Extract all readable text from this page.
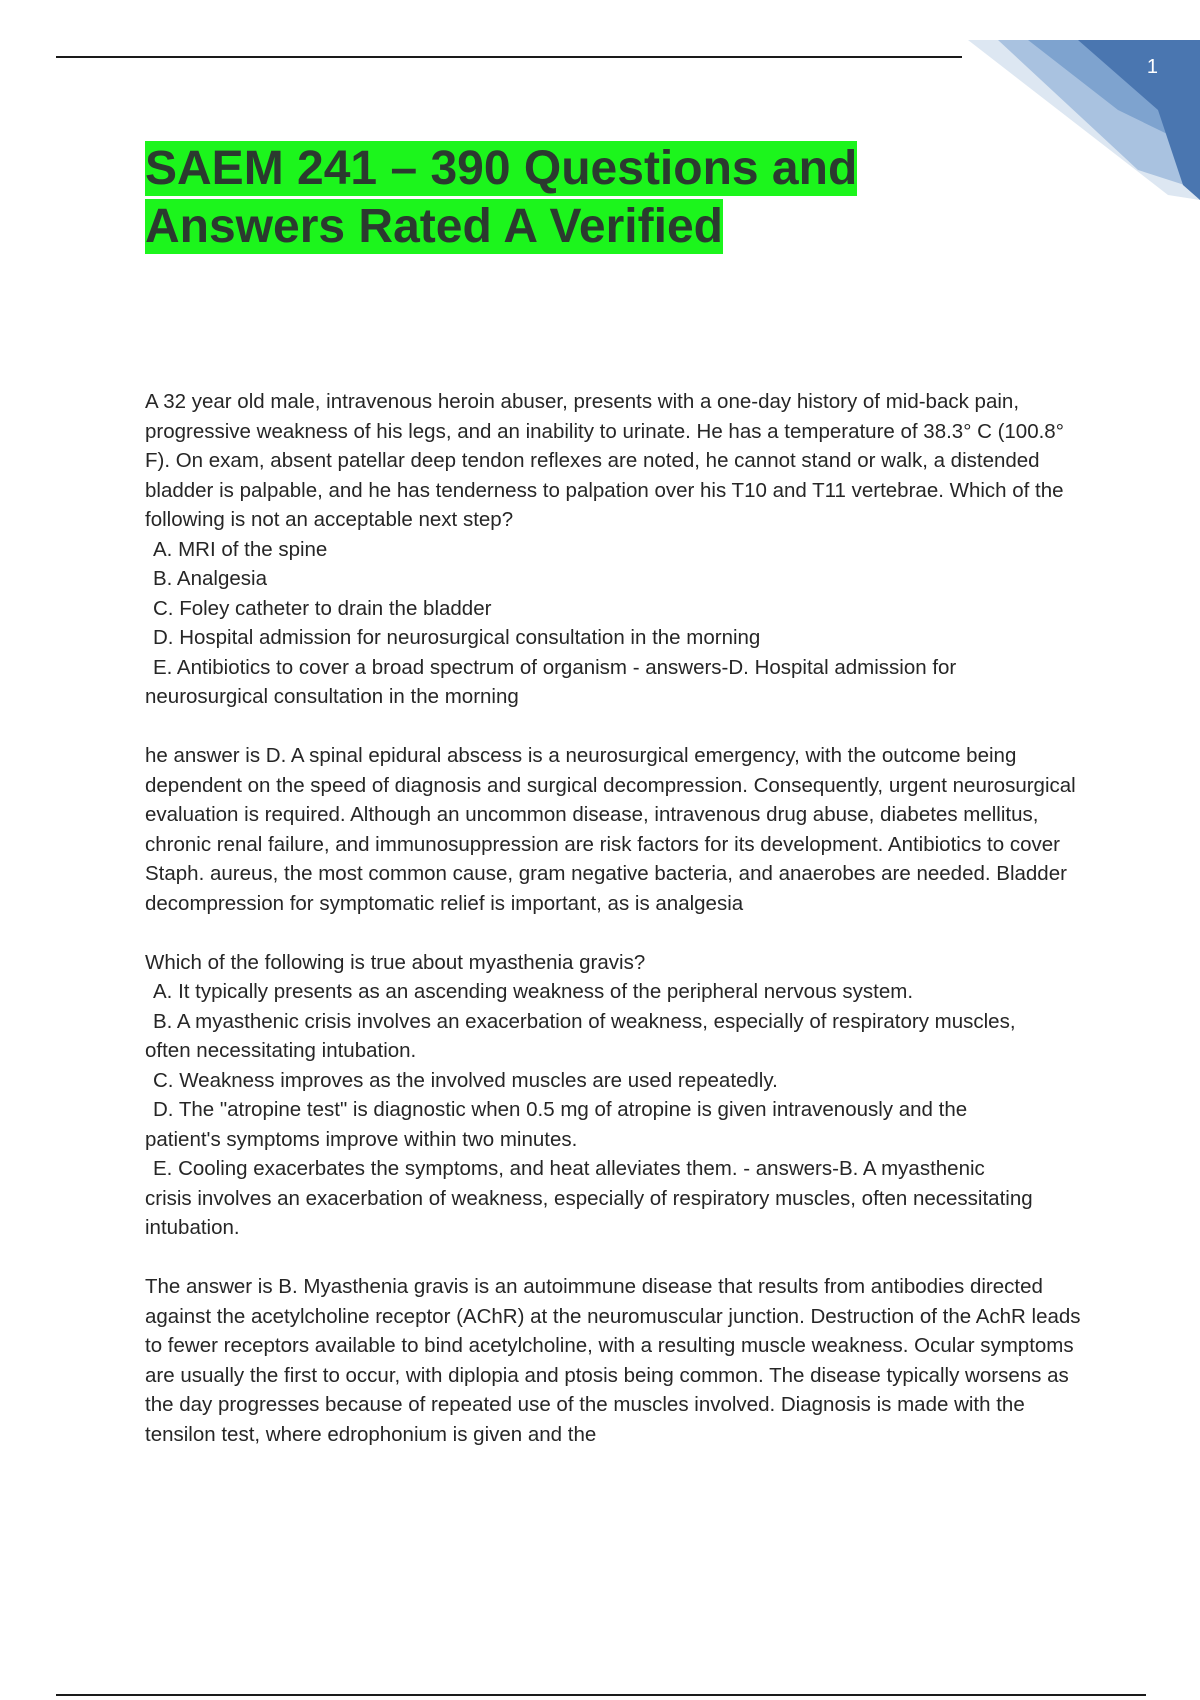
1
SAEM 241 – 390 Questions and
Answers Rated A Verified

A 32 year old male, intravenous heroin abuser, presents with a one-day history of mid-back pain, progressive weakness of his legs, and an inability to urinate. He has a temperature of 38.3° C (100.8° F). On exam, absent patellar deep tendon reflexes are noted, he cannot stand or walk, a distended bladder is palpable, and he has tenderness to palpation over his T10 and T11 vertebrae. Which of the following is not an acceptable next step?

A. MRI of the spine

B. Analgesia

C. Foley catheter to drain the bladder

D. Hospital admission for neurosurgical consultation in the morning

E. Antibiotics to cover a broad spectrum of organism - answers-D. Hospital admission for

neurosurgical consultation in the morning

he answer is D. A spinal epidural abscess is a neurosurgical emergency, with the outcome being dependent on the speed of diagnosis and surgical decompression. Consequently, urgent neurosurgical evaluation is required. Although an uncommon disease, intravenous drug abuse, diabetes mellitus, chronic renal failure, and immunosuppression are risk factors for its development. Antibiotics to cover Staph. aureus, the most common cause, gram negative bacteria, and anaerobes are needed. Bladder decompression for symptomatic relief is important, as is analgesia

Which of the following is true about myasthenia gravis?

A. It typically presents as an ascending weakness of the peripheral nervous system.

B. A myasthenic crisis involves an exacerbation of weakness, especially of respiratory muscles,

often necessitating intubation.

C. Weakness improves as the involved muscles are used repeatedly.

D. The "atropine test" is diagnostic when 0.5 mg of atropine is given intravenously and the

patient's symptoms improve within two minutes.

E. Cooling exacerbates the symptoms, and heat alleviates them. - answers-B. A myasthenic

crisis involves an exacerbation of weakness, especially of respiratory muscles, often necessitating intubation.

The answer is B. Myasthenia gravis is an autoimmune disease that results from antibodies directed against the acetylcholine receptor (AChR) at the neuromuscular junction. Destruction of the AchR leads to fewer receptors available to bind acetylcholine, with a resulting muscle weakness. Ocular symptoms are usually the first to occur, with diplopia and ptosis being common. The disease typically worsens as the day progresses because of repeated use of the muscles involved. Diagnosis is made with the tensilon test, where edrophonium is given and the
